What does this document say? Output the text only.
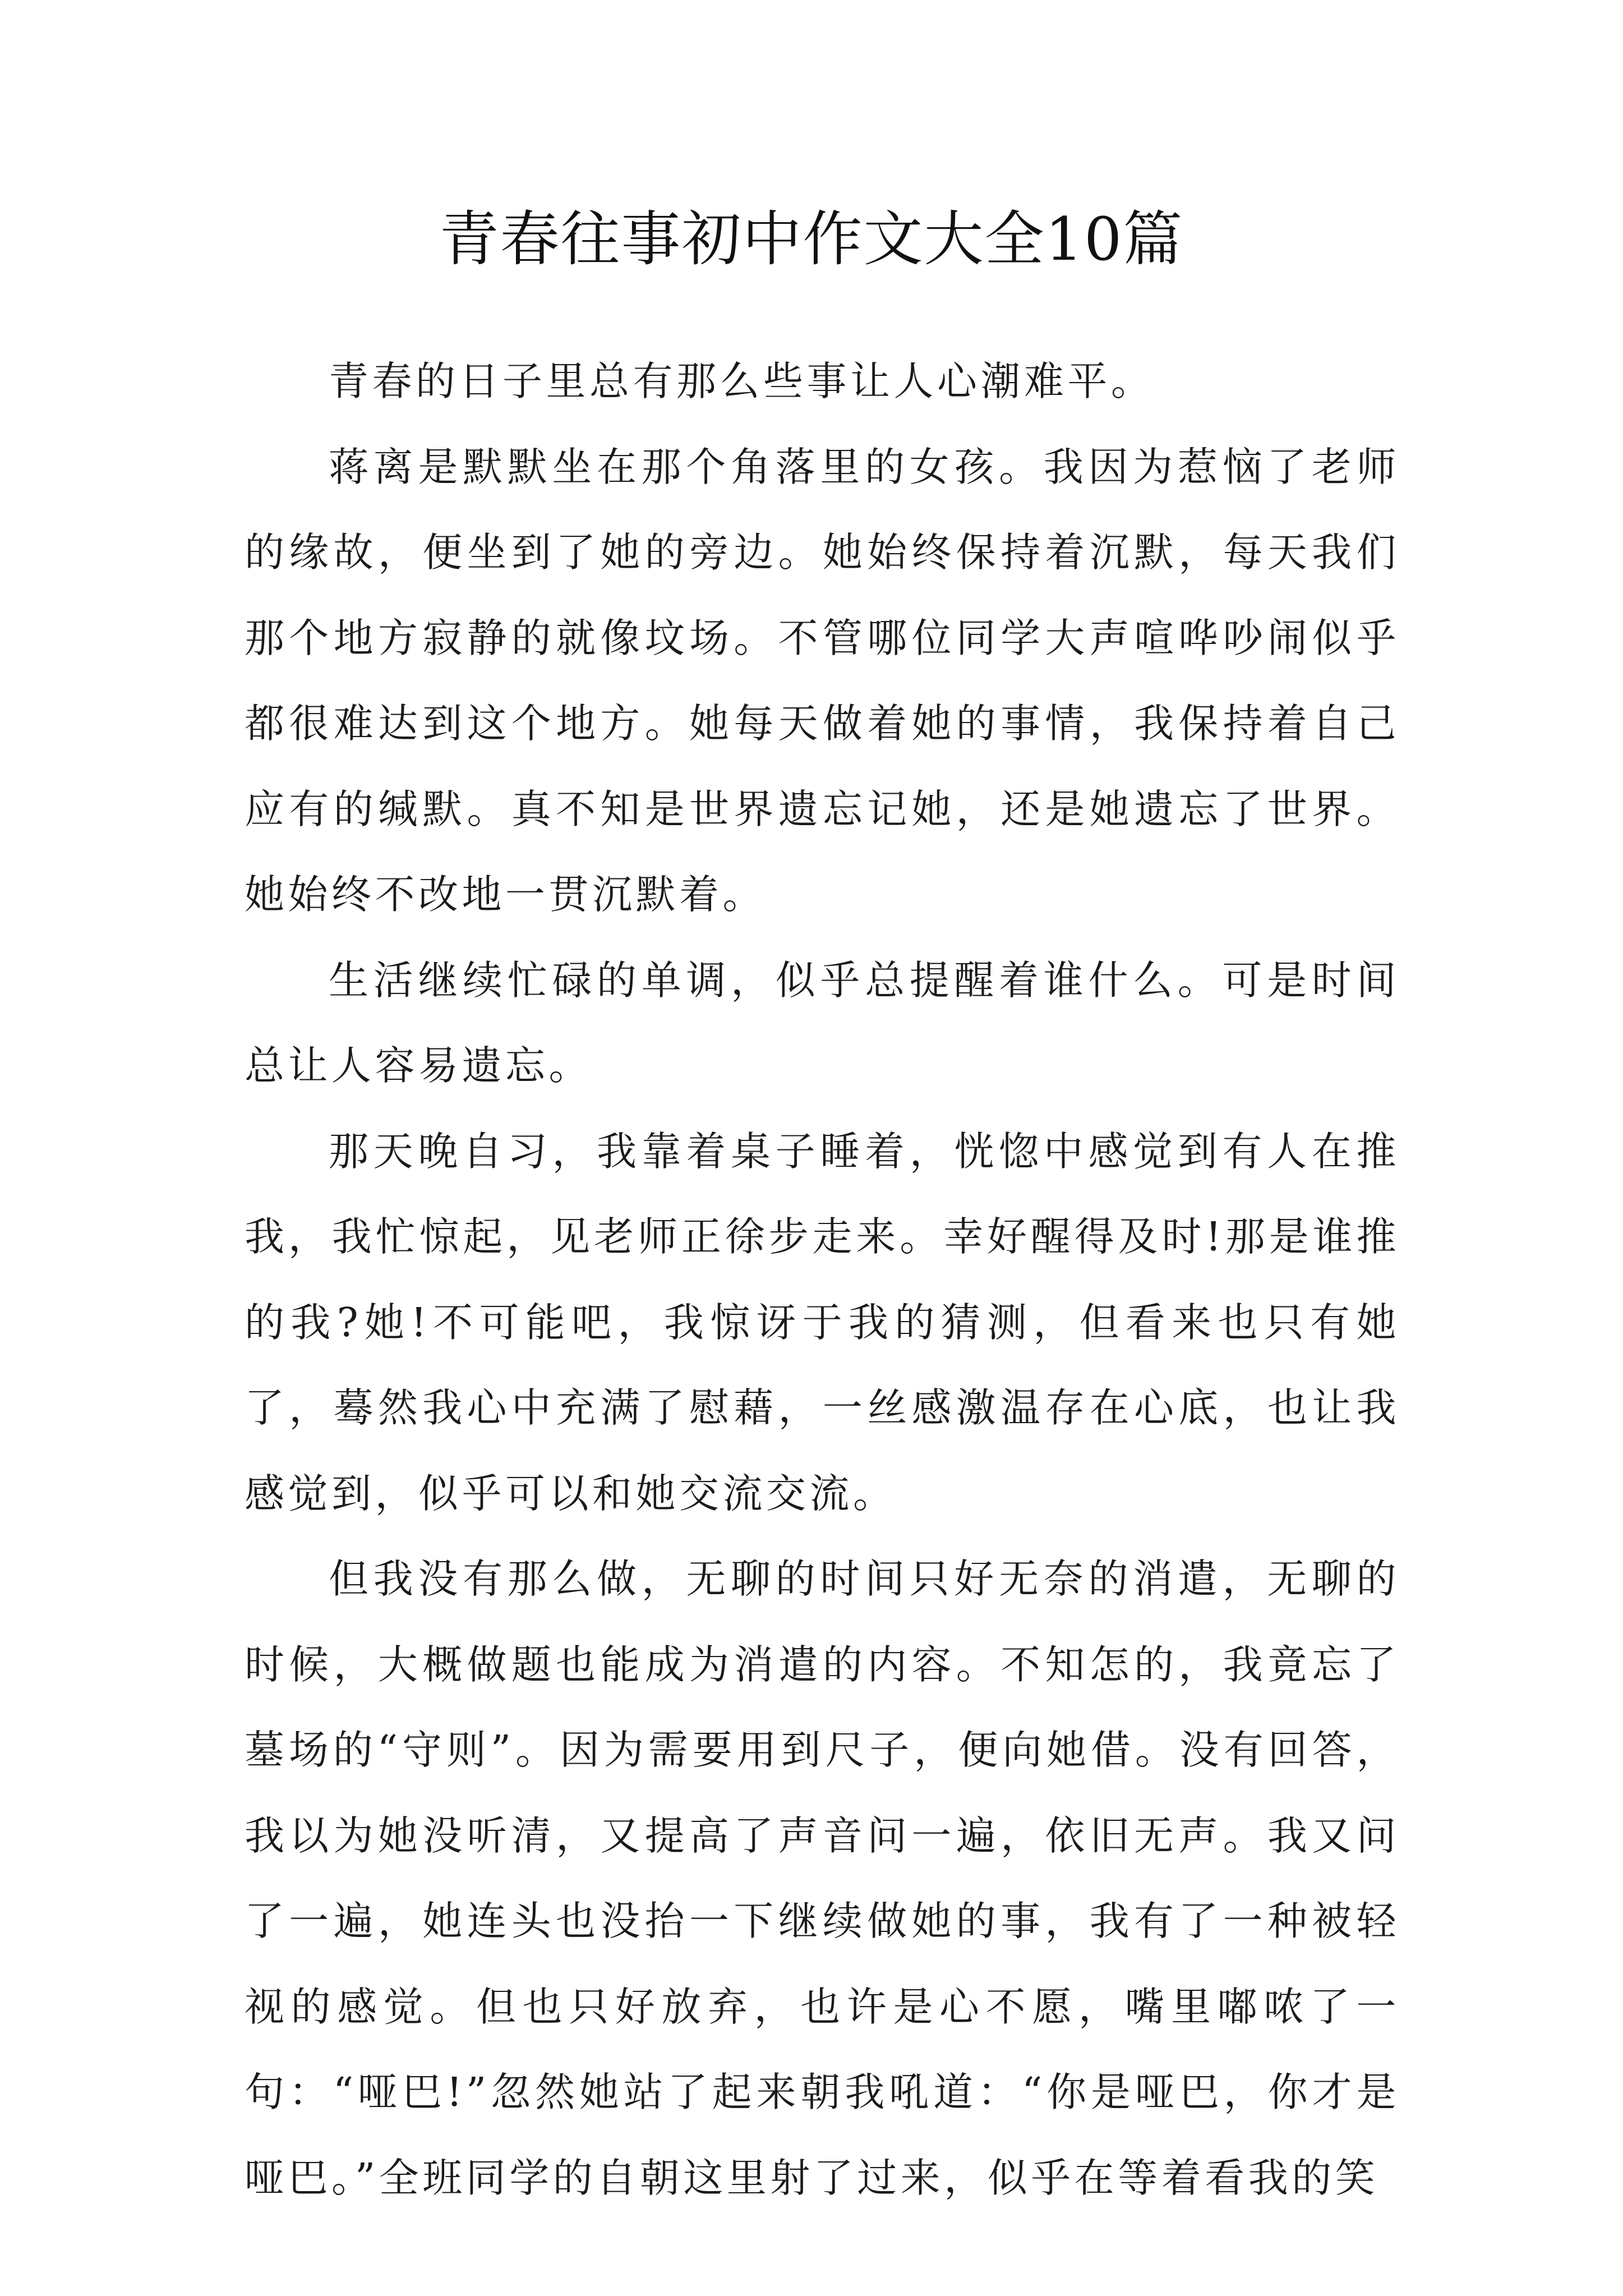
青春往事初中作文大全10篇

青春的日子里总有那么些事让人心潮难平。

蒋离是默默坐在那个角落里的女孩。我因为惹恼了老师的缘故，便坐到了她的旁边。她始终保持着沉默，每天我们那个地方寂静的就像坟场。不管哪位同学大声喧哗吵闹似乎都很难达到这个地方。她每天做着她的事情，我保持着自己应有的缄默。真不知是世界遗忘记她，还是她遗忘了世界。她始终不改地一贯沉默着。

生活继续忙碌的单调，似乎总提醒着谁什么。可是时间总让人容易遗忘。

那天晚自习，我靠着桌子睡着，恍惚中感觉到有人在推我，我忙惊起，见老师正徐步走来。幸好醒得及时!那是谁推的我?她!不可能吧，我惊讶于我的猜测，但看来也只有她了，蓦然我心中充满了慰藉，一丝感激温存在心底，也让我感觉到，似乎可以和她交流交流。

但我没有那么做，无聊的时间只好无奈的消遣，无聊的时候，大概做题也能成为消遣的内容。不知怎的，我竟忘了墓场的“守则”。因为需要用到尺子，便向她借。没有回答，我以为她没听清，又提高了声音问一遍，依旧无声。我又问了一遍，她连头也没抬一下继续做她的事，我有了一种被轻视的感觉。但也只好放弃，也许是心不愿，嘴里嘟哝了一句：“哑巴!”忽然她站了起来朝我吼道：“你是哑巴，你才是哑巴。”全班同学的自朝这里射了过来，似乎在等着看我的笑
